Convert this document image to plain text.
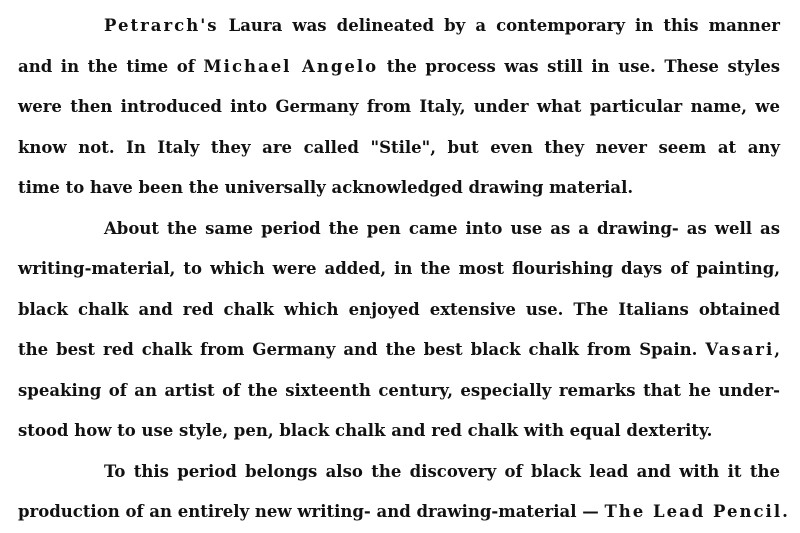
Petrarch's Laura was delineated by a contemporary in this manner
and in the time of Michael Angelo the process was still in use. These styles
were then introduced into Germany from Italy, under what particular name, we
know not. In Italy they are called "Stile", but even they never seem at any
time to have been the universally acknowledged drawing material.
About the same period the pen came into use as a drawing- as well as
writing-material, to which were added, in the most flourishing days of painting,
black chalk and red chalk which enjoyed extensive use. The Italians obtained
the best red chalk from Germany and the best black chalk from Spain. Vasari,
speaking of an artist of the sixteenth century, especially remarks that he under-
stood how to use style, pen, black chalk and red chalk with equal dexterity.
To this period belongs also the discovery of black lead and with it the
production of an entirely new writing- and drawing-material — The Lead Pencil.
